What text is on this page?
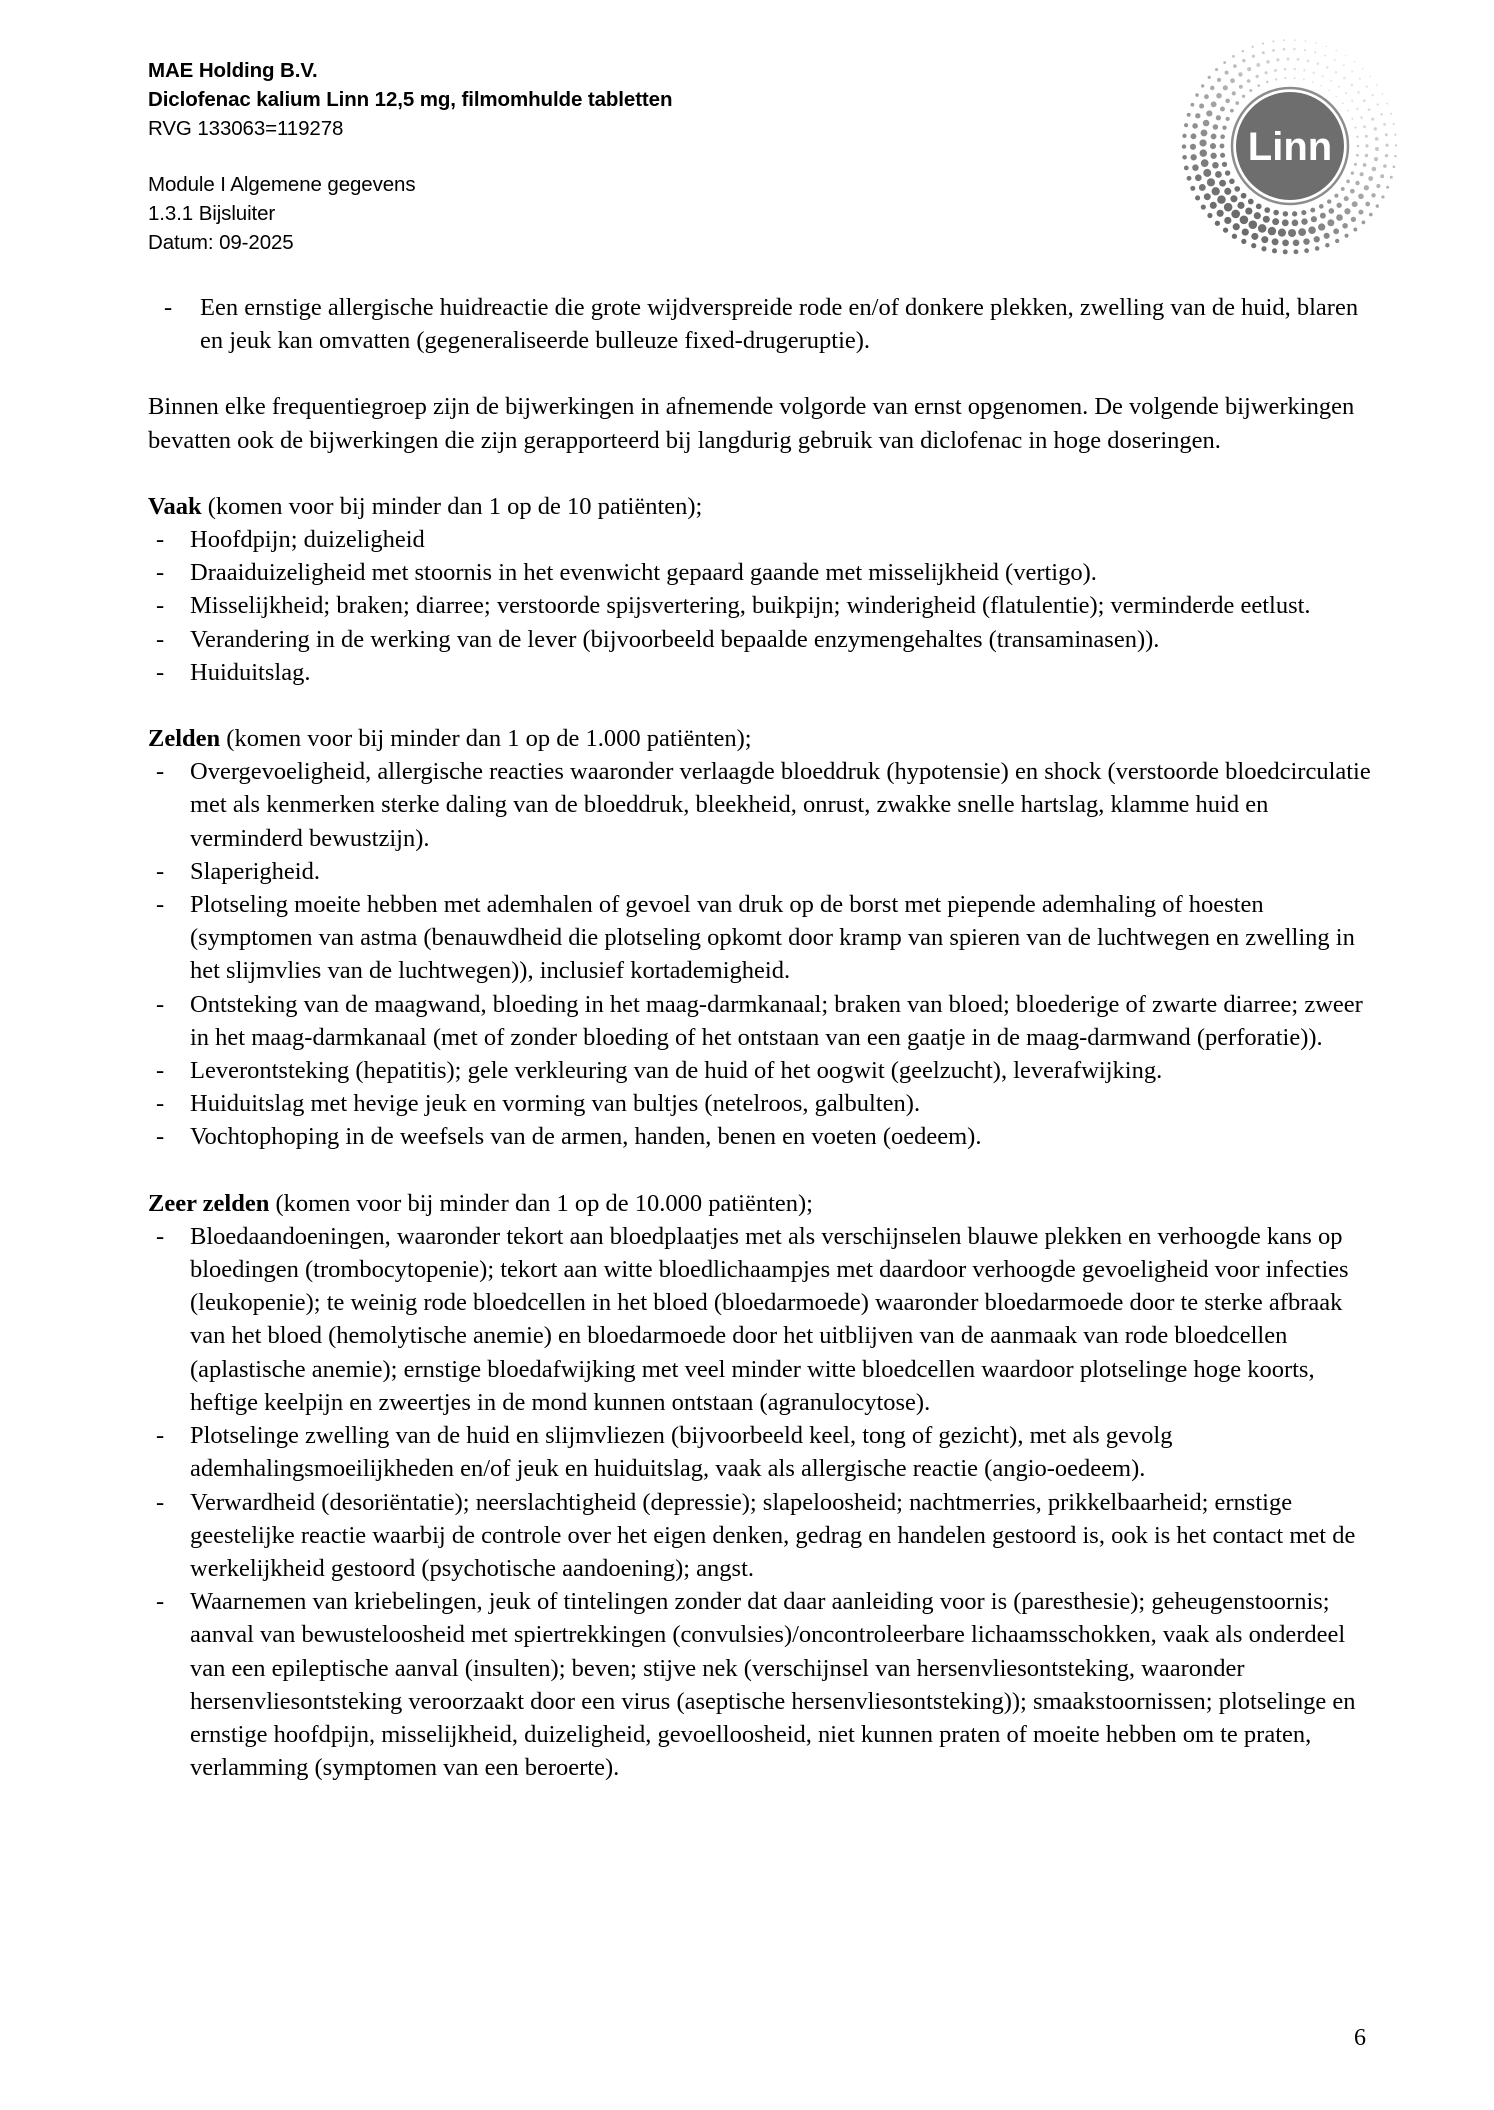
Linn
MAE Holding B.V.
Diclofenac kalium Linn 12,5 mg, filmomhulde tabletten
RVG 133063=119278
Module I Algemene gegevens
1.3.1 Bijsluiter
Datum: 09-2025
- Een ernstige allergische huidreactie die grote wijdverspreide rode en/of donkere plekken, zwelling van de huid, blaren en jeuk kan omvatten (gegeneraliseerde bulleuze fixed-drugeruptie).

Binnen elke frequentiegroep zijn de bijwerkingen in afnemende volgorde van ernst opgenomen. De volgende bijwerkingen bevatten ook de bijwerkingen die zijn gerapporteerd bij langdurig gebruik van diclofenac in hoge doseringen.

Vaak (komen voor bij minder dan 1 op de 10 patiënten);
- Hoofdpijn; duizeligheid
- Draaiduizeligheid met stoornis in het evenwicht gepaard gaande met misselijkheid (vertigo).
- Misselijkheid; braken; diarree; verstoorde spijsvertering, buikpijn; winderigheid (flatulentie); verminderde eetlust.
- Verandering in de werking van de lever (bijvoorbeeld bepaalde enzymengehaltes (transaminasen)).
- Huiduitslag.
Zelden (komen voor bij minder dan 1 op de 1.000 patiënten);
- Overgevoeligheid, allergische reacties waaronder verlaagde bloeddruk (hypotensie) en shock (verstoorde bloedcirculatie met als kenmerken sterke daling van de bloeddruk, bleekheid, onrust, zwakke snelle hartslag, klamme huid en verminderd bewustzijn).
- Slaperigheid.
- Plotseling moeite hebben met ademhalen of gevoel van druk op de borst met piepende ademhaling of hoesten (symptomen van astma (benauwdheid die plotseling opkomt door kramp van spieren van de luchtwegen en zwelling in het slijmvlies van de luchtwegen)), inclusief kortademigheid.
- Ontsteking van de maagwand, bloeding in het maag-darmkanaal; braken van bloed; bloederige of zwarte diarree; zweer in het maag-darmkanaal (met of zonder bloeding of het ontstaan van een gaatje in de maag-darmwand (perforatie)).
- Leverontsteking (hepatitis); gele verkleuring van de huid of het oogwit (geelzucht), leverafwijking.
- Huiduitslag met hevige jeuk en vorming van bultjes (netelroos, galbulten).
- Vochtophoping in de weefsels van de armen, handen, benen en voeten (oedeem).
Zeer zelden (komen voor bij minder dan 1 op de 10.000 patiënten);
- Bloedaandoeningen, waaronder tekort aan bloedplaatjes met als verschijnselen blauwe plekken en verhoogde kans op bloedingen (trombocytopenie); tekort aan witte bloedlichaampjes met daardoor verhoogde gevoeligheid voor infecties (leukopenie); te weinig rode bloedcellen in het bloed (bloedarmoede) waaronder bloedarmoede door te sterke afbraak van het bloed (hemolytische anemie) en bloedarmoede door het uitblijven van de aanmaak van rode bloedcellen (aplastische anemie); ernstige bloedafwijking met veel minder witte bloedcellen waardoor plotselinge hoge koorts, heftige keelpijn en zweertjes in de mond kunnen ontstaan (agranulocytose).
- Plotselinge zwelling van de huid en slijmvliezen (bijvoorbeeld keel, tong of gezicht), met als gevolg ademhalingsmoeilijkheden en/of jeuk en huiduitslag, vaak als allergische reactie (angio-oedeem).
- Verwardheid (desoriëntatie); neerslachtigheid (depressie); slapeloosheid; nachtmerries, prikkelbaarheid; ernstige geestelijke reactie waarbij de controle over het eigen denken, gedrag en handelen gestoord is, ook is het contact met de werkelijkheid gestoord (psychotische aandoening); angst.
- Waarnemen van kriebelingen, jeuk of tintelingen zonder dat daar aanleiding voor is (paresthesie); geheugenstoornis; aanval van bewusteloosheid met spiertrekkingen (convulsies)/oncontroleerbare lichaamsschokken, vaak als onderdeel van een epileptische aanval (insulten); beven; stijve nek (verschijnsel van hersenvliesontsteking, waaronder hersenvliesontsteking veroorzaakt door een virus (aseptische hersenvliesontsteking)); smaakstoornissen; plotselinge en ernstige hoofdpijn, misselijkheid, duizeligheid, gevoelloosheid, niet kunnen praten of moeite hebben om te praten, verlamming (symptomen van een beroerte).
6
